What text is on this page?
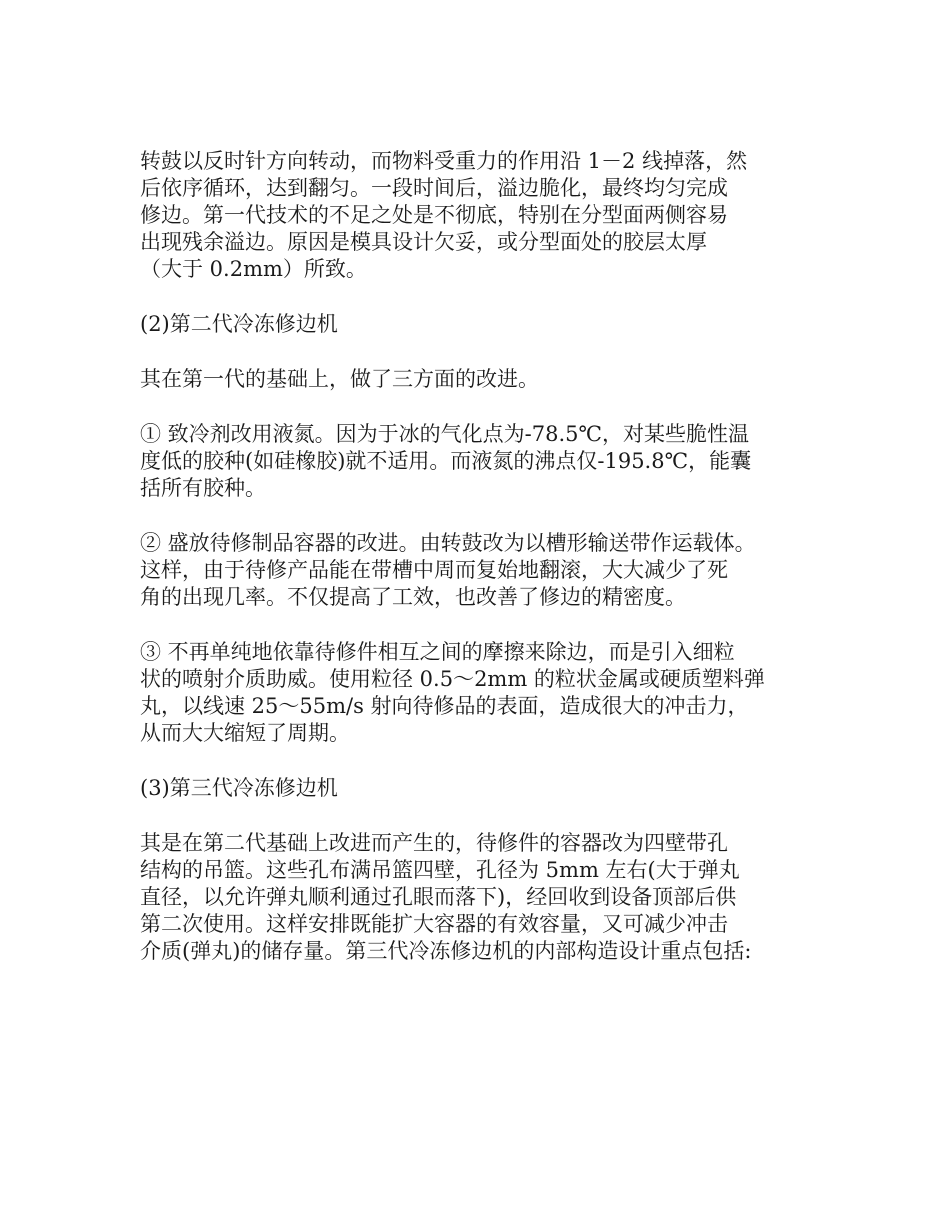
转鼓以反时针方向转动，而物料受重力的作用沿 1－2 线掉落，然
后依序循环，达到翻匀。一段时间后，溢边脆化，最终均匀完成
修边。第一代技术的不足之处是不彻底，特别在分型面两侧容易
出现残余溢边。原因是模具设计欠妥，或分型面处的胶层太厚
（大于 0.2mm）所致。
(2)第二代冷冻修边机
其在第一代的基础上，做了三方面的改进。
① 致冷剂改用液氮。因为于冰的气化点为-78.5℃，对某些脆性温
度低的胶种(如硅橡胶)就不适用。而液氮的沸点仅-195.8℃，能囊
括所有胶种。
② 盛放待修制品容器的改进。由转鼓改为以槽形输送带作运载体。
这样，由于待修产品能在带槽中周而复始地翻滚，大大减少了死
角的出现几率。不仅提高了工效，也改善了修边的精密度。
③ 不再单纯地依靠待修件相互之间的摩擦来除边，而是引入细粒
状的喷射介质助威。使用粒径 0.5～2mm 的粒状金属或硬质塑料弹
丸，以线速 25～55m/s 射向待修品的表面，造成很大的冲击力，
从而大大缩短了周期。
(3)第三代冷冻修边机
其是在第二代基础上改进而产生的，待修件的容器改为四壁带孔
结构的吊篮。这些孔布满吊篮四壁，孔径为 5mm 左右(大于弹丸
直径，以允许弹丸顺利通过孔眼而落下)，经回收到设备顶部后供
第二次使用。这样安排既能扩大容器的有效容量，又可减少冲击
介质(弹丸)的储存量。第三代冷冻修边机的内部构造设计重点包括:
